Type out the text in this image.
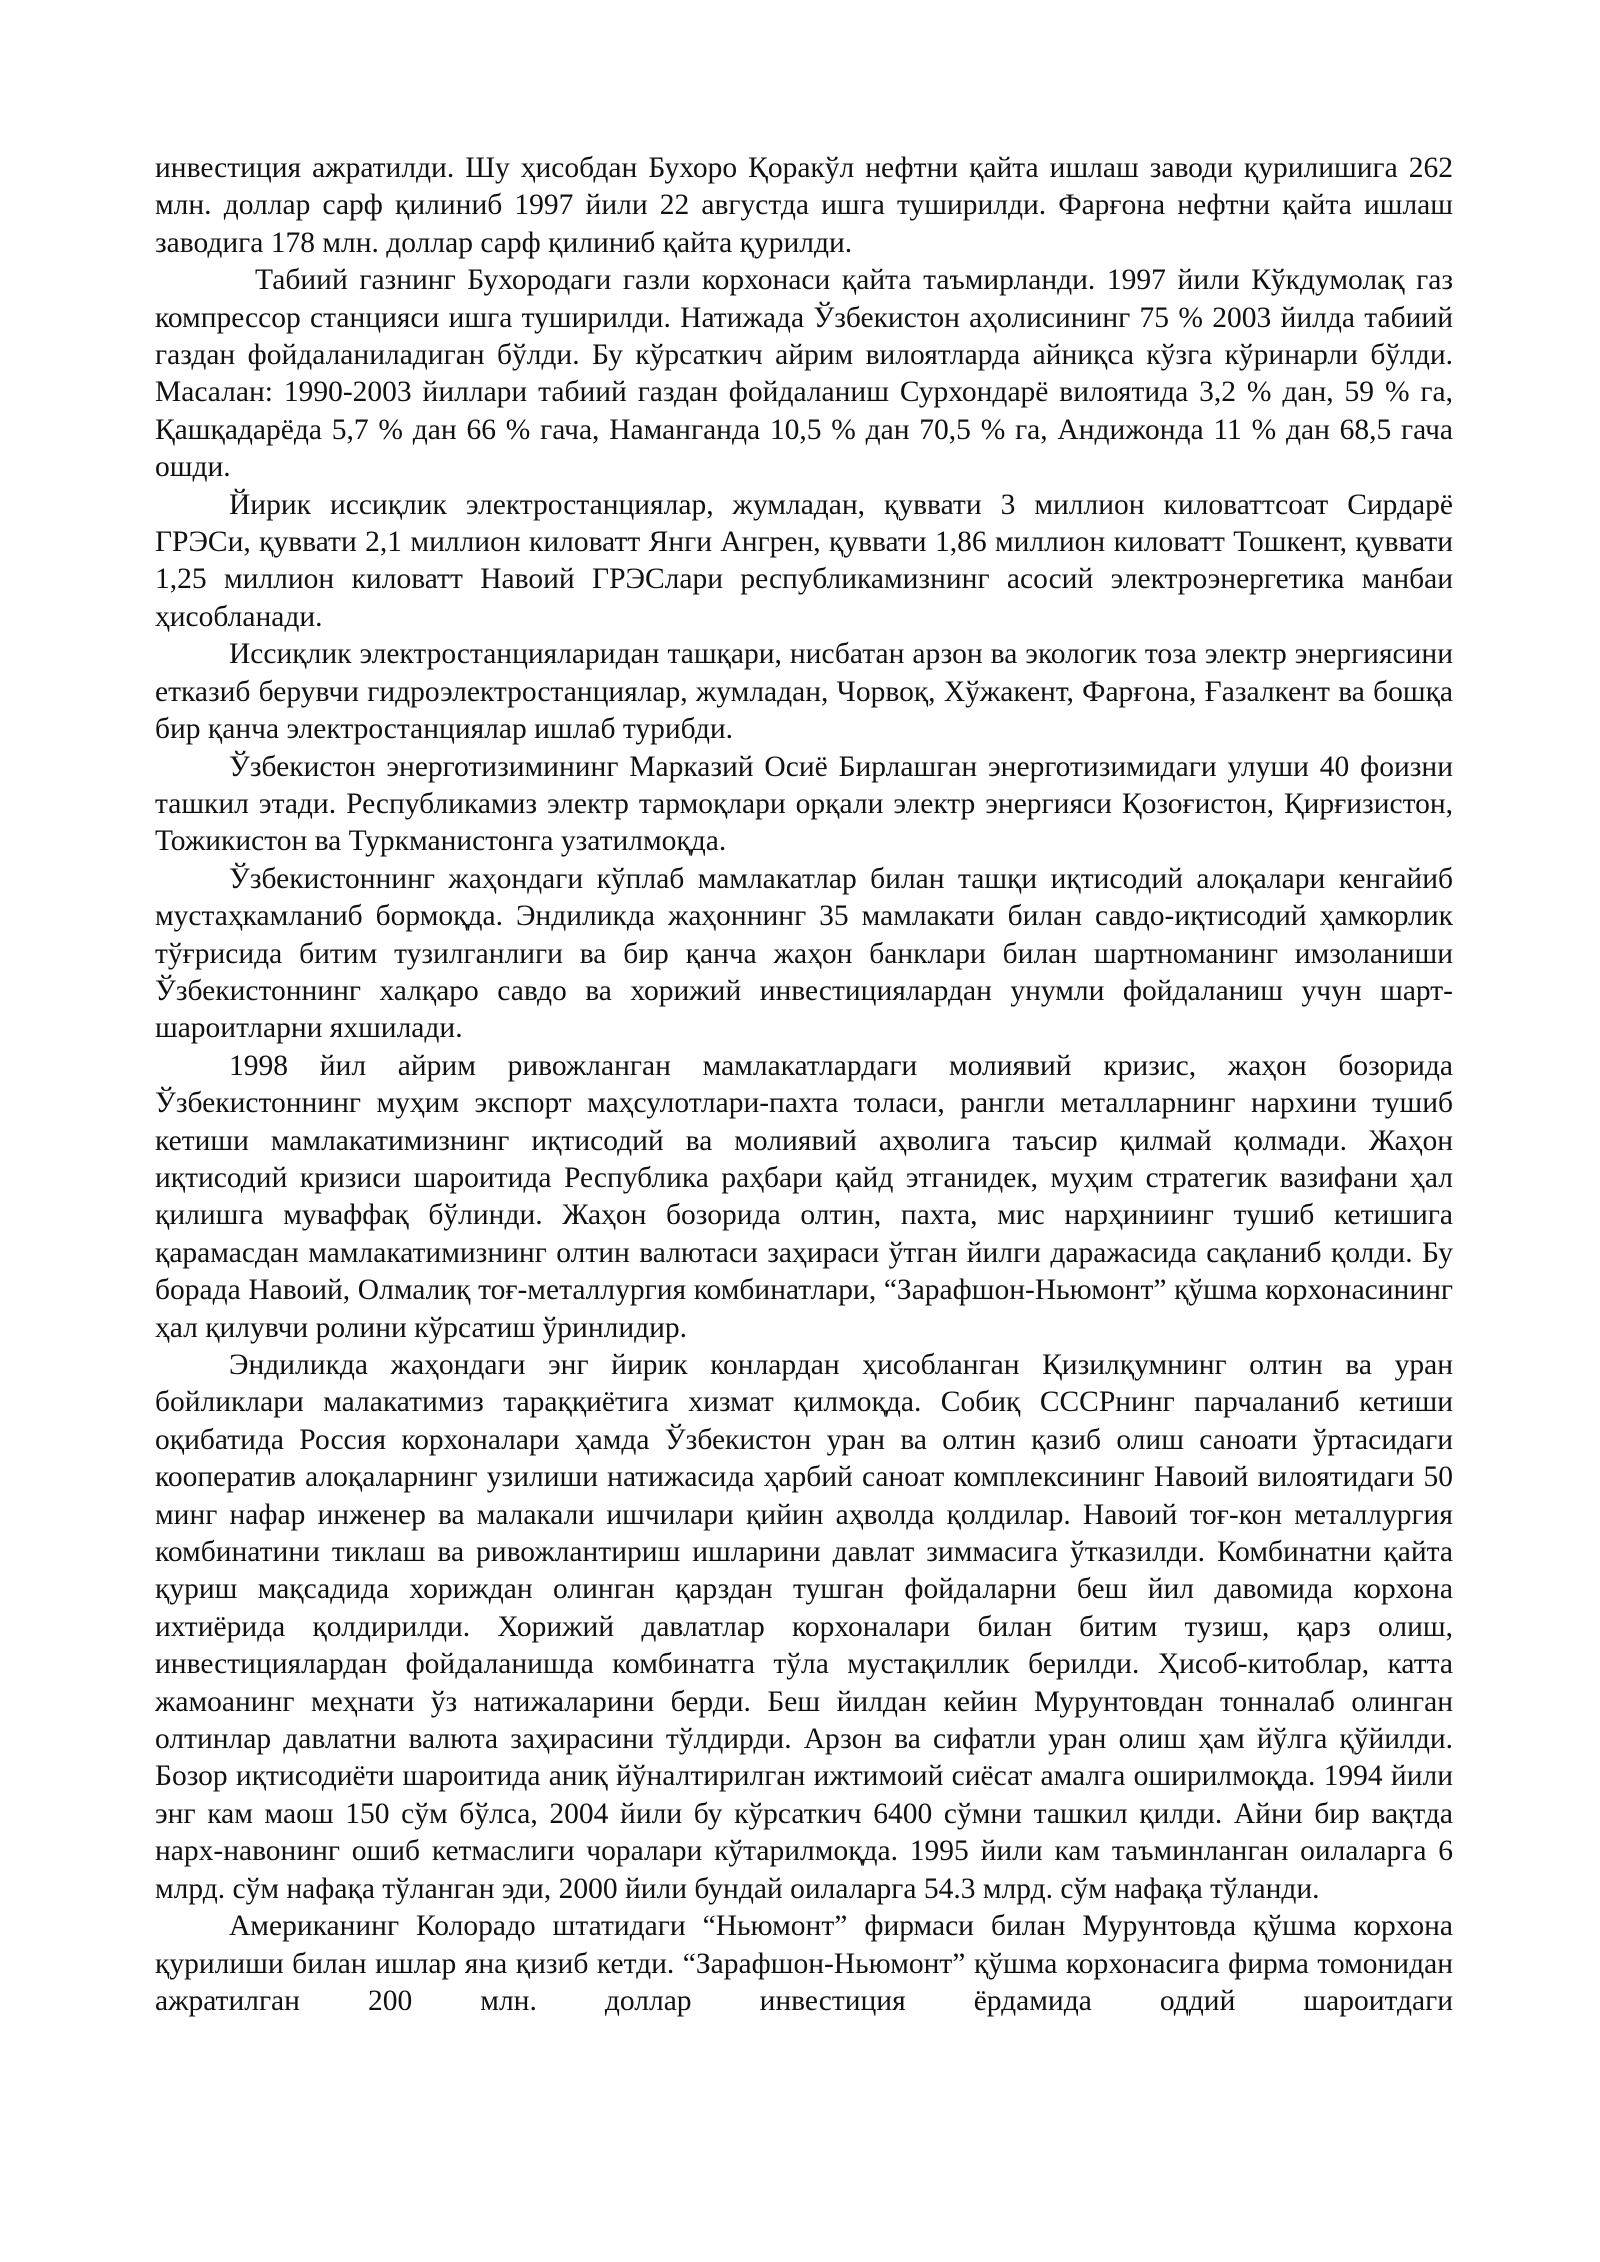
инвестиция ажратилди. Шу ҳисобдан Бухоро Қоракўл нефтни қайта ишлаш заводи қурилишига 262 млн. доллар сарф қилиниб 1997 йили 22 августда ишга туширилди. Фарғона нефтни қайта ишлаш заводига 178 млн. доллар сарф қилиниб қайта қурилди.

Табиий газнинг Бухородаги газли корхонаси қайта таъмирланди. 1997 йили Кўкдумолақ газ компрессор станцияси ишга туширилди. Натижада Ўзбекистон аҳолисининг 75 % 2003 йилда табиий газдан фойдаланиладиган бўлди. Бу кўрсаткич айрим вилоятларда айниқса кўзга кўринарли бўлди. Масалан: 1990-2003 йиллари табиий газдан фойдаланиш Сурхондарё вилоятида 3,2 % дан, 59 % га, Қашқадарёда 5,7 % дан 66 % гача, Наманганда 10,5 % дан 70,5 % га, Андижонда 11 % дан 68,5 гача ошди.

Йирик иссиқлик электростанциялар, жумладан, қуввати 3 миллион киловаттсоат Сирдарё ГРЭСи, қуввати 2,1 миллион киловатт Янги Ангрен, қуввати 1,86 миллион киловатт Тошкент, қуввати 1,25 миллион киловатт Навоий ГРЭСлари республикамизнинг асосий электроэнергетика манбаи ҳисобланади.

Иссиқлик электростанцияларидан ташқари, нисбатан арзон ва экологик тоза электр энергиясини етказиб берувчи гидроэлектростанциялар, жумладан, Чорвоқ, Хўжакент, Фарғона, Ғазалкент ва бошқа бир қанча электростанциялар ишлаб турибди.

Ўзбекистон энерготизимининг Марказий Осиё Бирлашган энерготизимидаги улуши 40 фоизни ташкил этади. Республикамиз электр тармоқлари орқали электр энергияси Қозоғистон, Қирғизистон, Тожикистон ва Туркманистонга узатилмоқда.

Ўзбекистоннинг жаҳондаги кўплаб мамлакатлар билан ташқи иқтисодий алоқалари кенгайиб мустаҳкамланиб бормоқда. Эндиликда жаҳоннинг 35 мамлакати билан савдо-иқтисодий ҳамкорлик тўғрисида битим тузилганлиги ва бир қанча жаҳон банклари билан шартноманинг имзоланиши Ўзбекистоннинг халқаро савдо ва хорижий инвестициялардан унумли фойдаланиш учун шарт-шароитларни яхшилади.

1998 йил айрим ривожланган мамлакатлардаги молиявий кризис, жаҳон бозорида Ўзбекистоннинг муҳим экспорт маҳсулотлари-пахта толаси, рангли металларнинг нархини тушиб кетиши мамлакатимизнинг иқтисодий ва молиявий аҳволига таъсир қилмай қолмади. Жаҳон иқтисодий кризиси шароитида Республика раҳбари қайд этганидек, муҳим стратегик вазифани ҳал қилишга муваффақ бўлинди. Жаҳон бозорида олтин, пахта, мис нарҳиниинг тушиб кетишига қарамасдан мамлакатимизнинг олтин валютаси заҳираси ўтган йилги даражасида сақланиб қолди. Бу борада Навоий, Олмалиқ тоғ-металлургия комбинатлари, “Зарафшон-Ньюмонт” қўшма корхонасининг ҳал қилувчи ролини кўрсатиш ўринлидир.

Эндиликда жаҳондаги энг йирик конлардан ҳисобланган Қизилқумнинг олтин ва уран бойликлари малакатимиз тараққиётига хизмат қилмоқда. Собиқ СССРнинг парчаланиб кетиши оқибатида Россия корхоналари ҳамда Ўзбекистон уран ва олтин қазиб олиш саноати ўртасидаги кооператив алоқаларнинг узилиши натижасида ҳарбий саноат комплексининг Навоий вилоятидаги 50 минг нафар инженер ва малакали ишчилари қийин аҳволда қолдилар. Навоий тоғ-кон металлургия комбинатини тиклаш ва ривожлантириш ишларини давлат зиммасига ўтказилди. Комбинатни қайта қуриш мақсадида хориждан олинган қарздан тушган фойдаларни беш йил давомида корхона ихтиёрида қолдирилди. Хорижий давлатлар корхоналари билан битим тузиш, қарз олиш, инвестициялардан фойдаланишда комбинатга тўла мустақиллик берилди. Ҳисоб-китоблар, катта жамоанинг меҳнати ўз натижаларини берди. Беш йилдан кейин Мурунтовдан тонналаб олинган олтинлар давлатни валюта заҳирасини тўлдирди. Арзон ва сифатли уран олиш ҳам йўлга қўйилди. Бозор иқтисодиёти шароитида аниқ йўналтирилган ижтимоий сиёсат амалга оширилмоқда. 1994 йили энг кам маош 150 сўм бўлса, 2004 йили бу кўрсаткич 6400 сўмни ташкил қилди. Айни бир вақтда нарх-навонинг ошиб кетмаслиги чоралари кўтарилмоқда. 1995 йили кам таъминланган оилаларга 6 млрд. сўм нафақа тўланган эди, 2000 йили бундай оилаларга 54.3 млрд. сўм нафақа тўланди.

Американинг Колорадо штатидаги “Ньюмонт” фирмаси билан Мурунтовда қўшма корхона қурилиши билан ишлар яна қизиб кетди. “Зарафшон-Ньюмонт” қўшма корхонасига фирма томонидан ажратилган 200 млн. доллар инвестиция ёрдамида оддий шароитдаги
